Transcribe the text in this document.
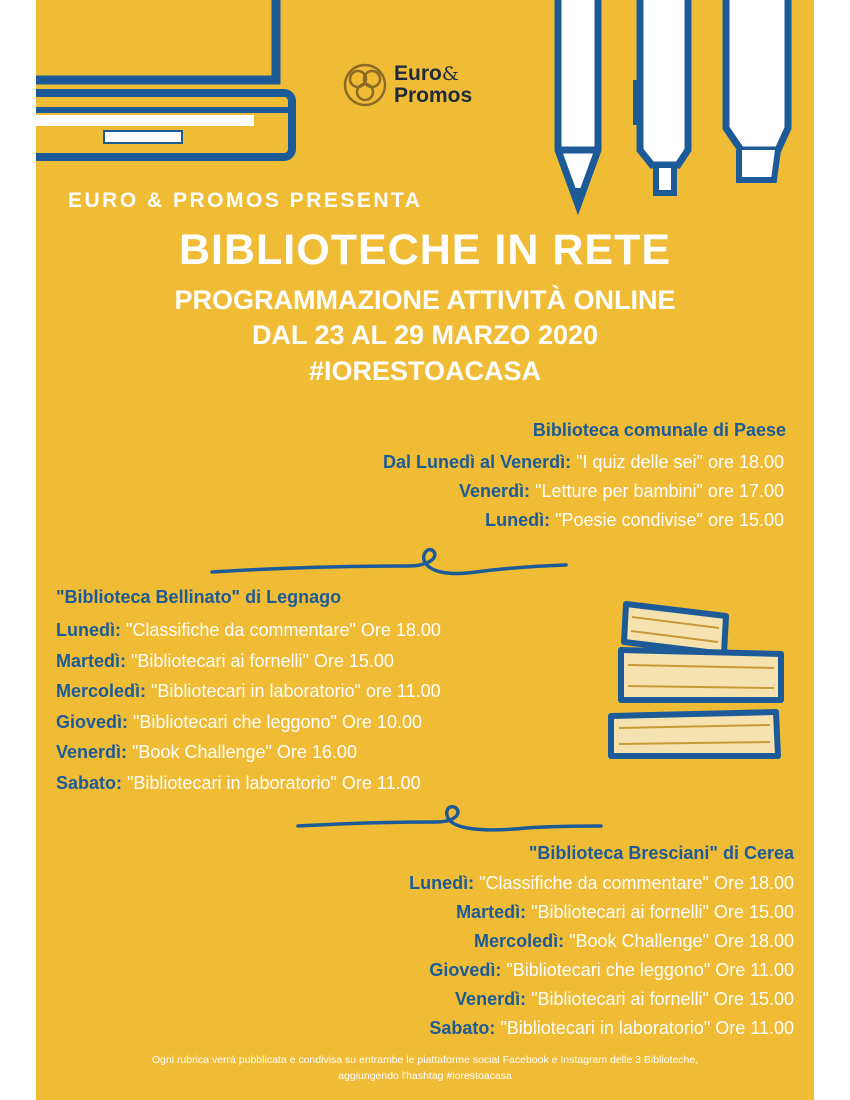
Euro&
Promos
EURO & PROMOS PRESENTA
BIBLIOTECHE IN RETE
PROGRAMMAZIONE ATTIVITÀ ONLINE
DAL 23 AL 29 MARZO 2020
#IORESTOACASA
Biblioteca comunale di Paese
Dal Lunedì al Venerdì: "I quiz delle sei" ore 18.00
Venerdì: "Letture per bambini" ore 17.00
Lunedì: "Poesie condivise" ore 15.00
"Biblioteca Bellinato" di Legnago
Lunedì: "Classifiche da commentare" Ore 18.00
Martedì: "Bibliotecari ai fornelli" Ore 15.00
Mercoledì: "Bibliotecari in laboratorio" ore 11.00
Giovedì: "Bibliotecari che leggono" Ore 10.00
Venerdì: "Book Challenge" Ore 16.00
Sabato: "Bibliotecari in laboratorio" Ore 11.00
"Biblioteca Bresciani" di Cerea
Lunedì: "Classifiche da commentare" Ore 18.00
Martedì: "Bibliotecari ai fornelli" Ore 15.00
Mercoledì: "Book Challenge" Ore 18.00
Giovedì: "Bibliotecari che leggono" Ore 11.00
Venerdì: "Bibliotecari ai fornelli" Ore 15.00
Sabato: "Bibliotecari in laboratorio" Ore 11.00
Ogni rubrica verrà pubblicata e condivisa su entrambe le piattaforme social Facebook e Instagram delle 3 Biblioteche,
aggiungendo l'hashtag #iorestoacasa
